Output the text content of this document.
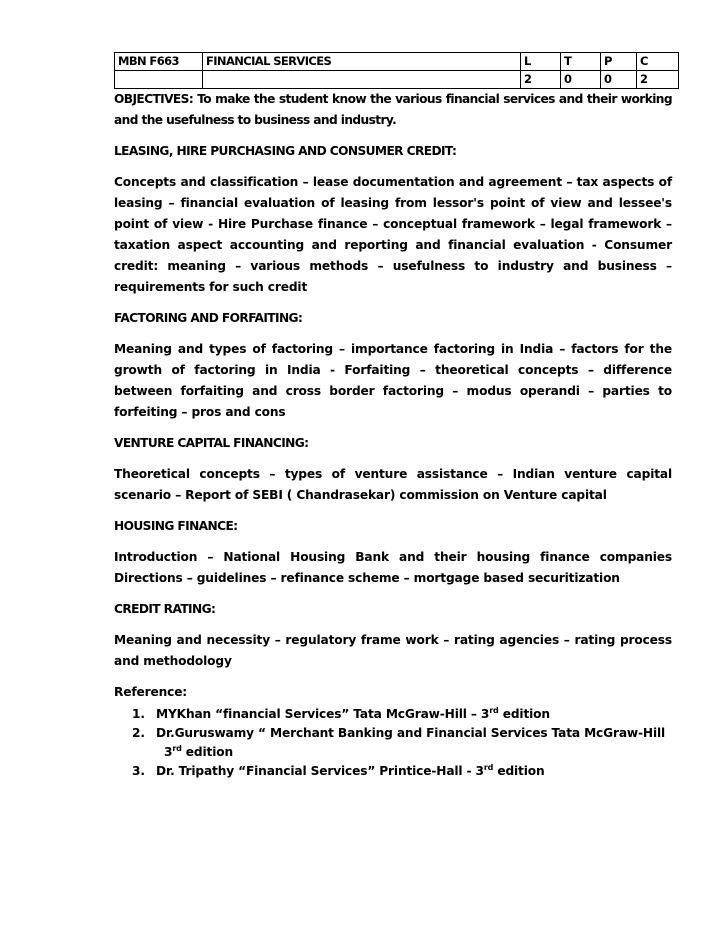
MBN F663	FINANCIAL SERVICES	L	T	P	C
		2	0	0	2

OBJECTIVES: To make the student know the various financial services and their working and the usefulness to business and industry.

LEASING, HIRE PURCHASING AND CONSUMER CREDIT:

Concepts and classification – lease documentation and agreement – tax aspects of leasing – financial evaluation of leasing from lessor's point of view and lessee's point of view - Hire Purchase finance – conceptual framework – legal framework – taxation aspect accounting and reporting and financial evaluation - Consumer credit: meaning – various methods – usefulness to industry and business – requirements for such credit

FACTORING AND FORFAITING:

Meaning and types of factoring – importance factoring in India – factors for the growth of factoring in India - Forfaiting – theoretical concepts – difference between forfaiting and cross border factoring – modus operandi – parties to forfeiting – pros and cons

VENTURE CAPITAL FINANCING:

Theoretical concepts – types of venture assistance – Indian venture capital scenario – Report of SEBI ( Chandrasekar) commission on Venture capital

HOUSING FINANCE:

Introduction – National Housing Bank and their housing finance companies Directions – guidelines – refinance scheme – mortgage based securitization

CREDIT RATING:

Meaning and necessity – regulatory frame work – rating agencies – rating process and methodology

Reference:

1. MYKhan “financial Services” Tata McGraw-Hill – 3rd edition
2. Dr.Guruswamy “ Merchant Banking and Financial Services Tata McGraw-Hill
3rd edition
3. Dr. Tripathy “Financial Services” Printice-Hall - 3rd edition
